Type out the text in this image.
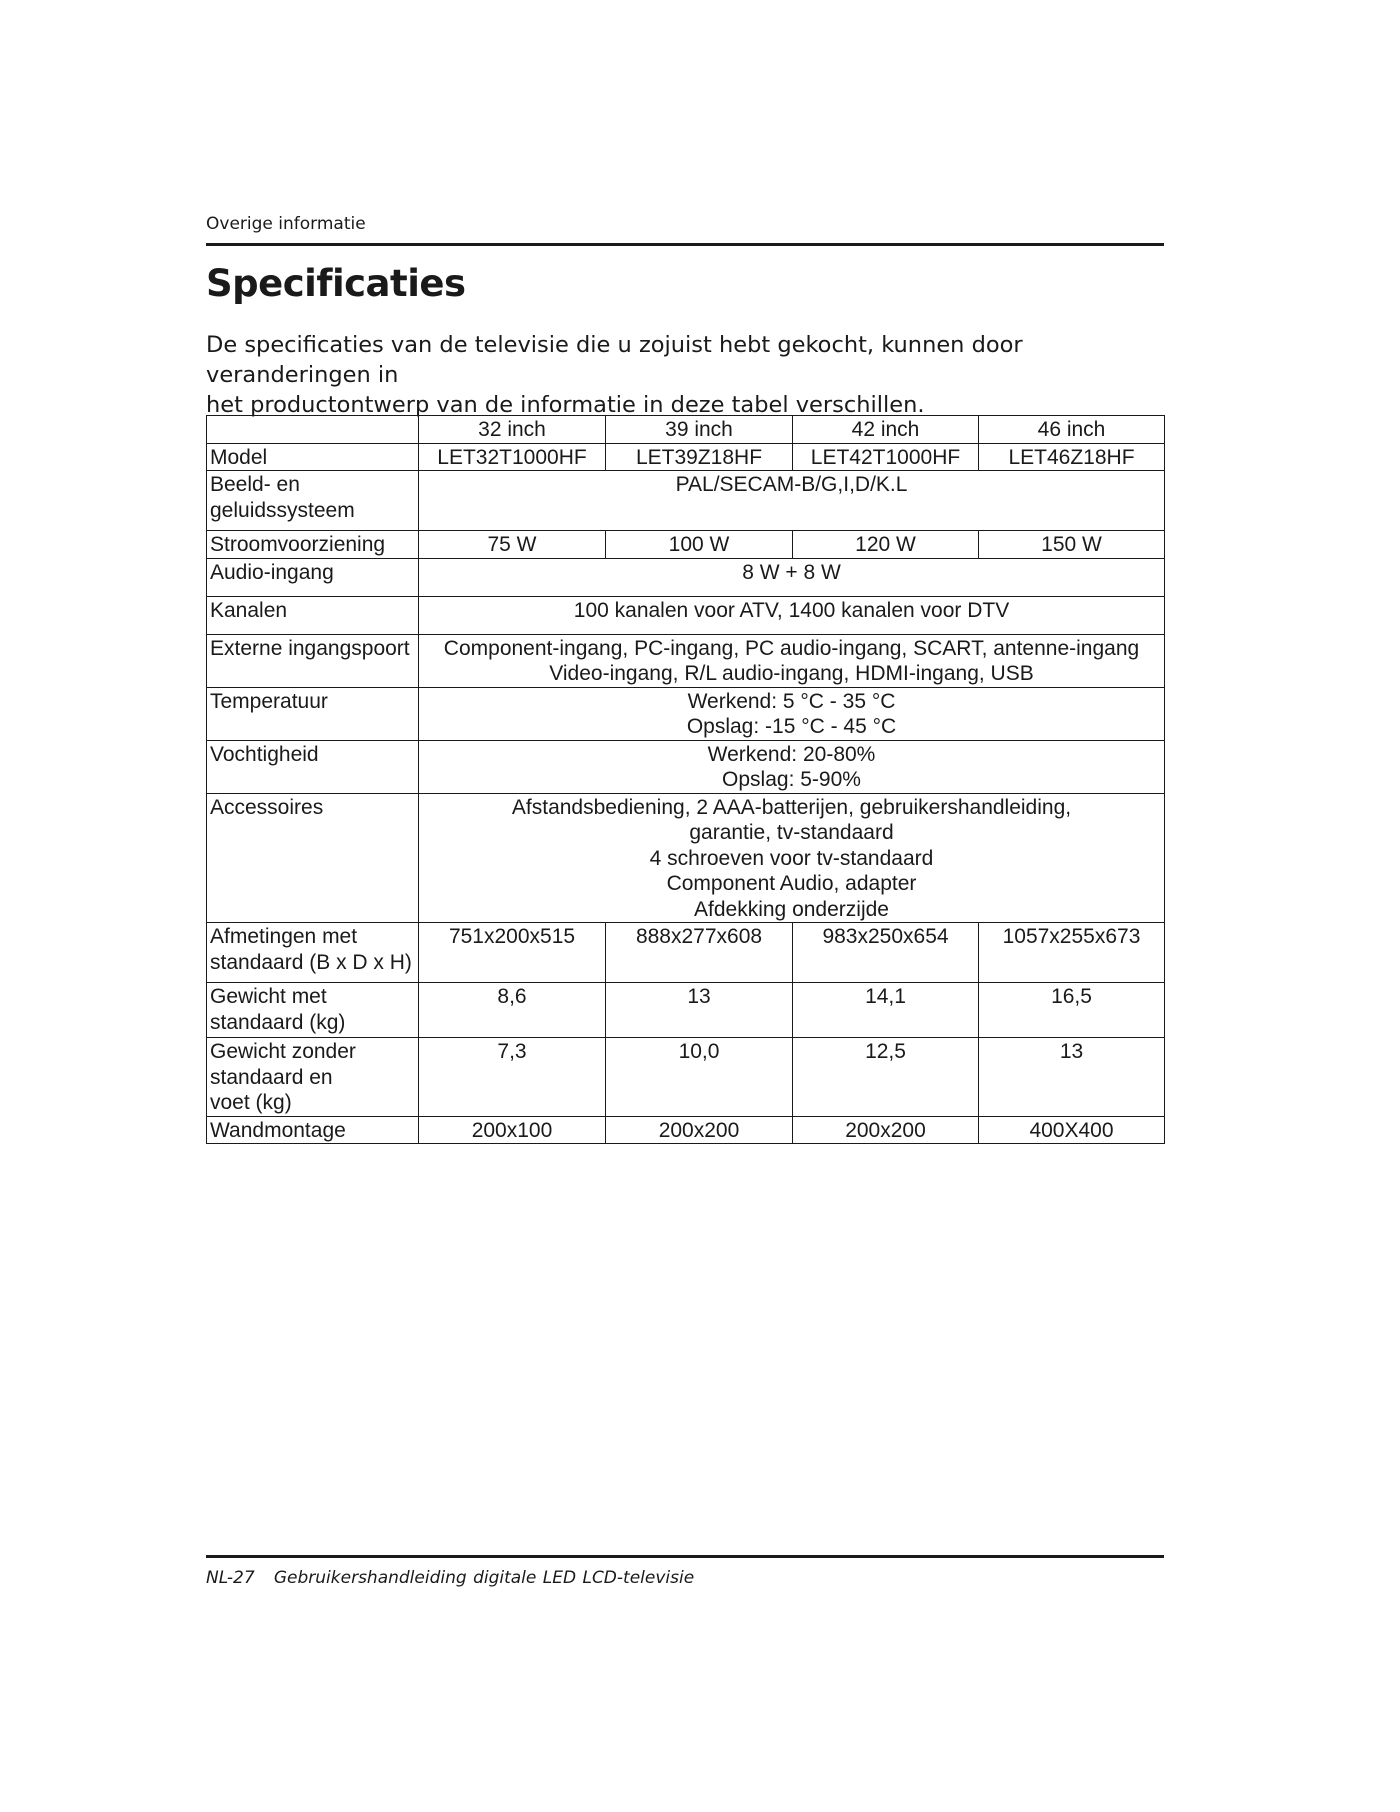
Overige informatie
Specificaties

De specificaties van de televisie die u zojuist hebt gekocht, kunnen door veranderingen in
het productontwerp van de informatie in deze tabel verschillen.

	32 inch	39 inch	42 inch	46 inch
Model	LET32T1000HF	LET39Z18HF	LET42T1000HF	LET46Z18HF

Beeld- en
geluidssysteem	PAL/SECAM-B/G,I,D/K.L			
Stroomvoorziening	75 W	100 W	120 W	150 W
Audio-ingang	8 W + 8 W			
Kanalen	100 kanalen voor ATV, 1400 kanalen voor DTV			
Externe ingangspoort	Component-ingang, PC-ingang, PC audio-ingang, SCART, antenne-ingang
Video-ingang, R/L audio-ingang, HDMI-ingang, USB			

Temperatuur	Werkend: 5 °C - 35 °C
Opslag: -15 °C - 45 °C			

Vochtigheid	Werkend: 20-80%
Opslag: 5-90%			

Accessoires	Afstandsbediening, 2 AAA-batterijen, gebruikershandleiding,
garantie, tv-standaard
4 schroeven voor tv-standaard
Component Audio, adapter
Afdekking onderzijde			

Afmetingen met
standaard (B x D x H)	751x200x515	888x277x608	983x250x654	1057x255x673

Gewicht met
standaard (kg)	8,6	13	14,1	16,5

Gewicht zonder
standaard en
voet (kg)	7,3	10,0	12,5	13
Wandmontage	200x100	200x200	200x200	400X400
NL-27 Gebruikershandleiding digitale LED LCD-televisie
